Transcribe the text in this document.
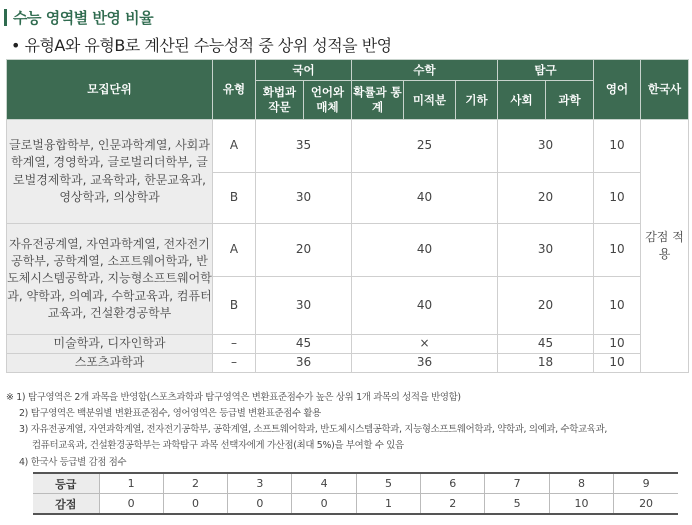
수능 영역별 반영 비율
• 유형A와 유형B로 계산된 수능성적 중 상위 성적을 반영
모집단위	유형	국어		수학			탐구		영어	한국사
		화법과 작문	언어와 매체	확률과 통계	미적분	기하	사회	과학		
글로벌융합학부, 인문과학계열, 사회과학계열, 경영학과, 글로벌리더학부, 글로벌경제학과, 교육학과, 한문교육과, 영상학과, 의상학과	A	35		25			30		10	감점 적용
	B	30		40			20		10	
자유전공계열, 자연과학계열, 전자전기공학부, 공학계열, 소프트웨어학과, 반도체시스템공학과, 지능형소프트웨어학과, 약학과, 의예과, 수학교육과, 컴퓨터교육과, 건설환경공학부	A	20		40			30		10	
	B	30		40			20		10	
미술학과, 디자인학과	–	45		×			45		10	
스포츠과학과	–	36		36			18		10	
※ 1) 탐구영역은 2개 과목을 반영함(스포츠과학과 탐구영역은 변환표준점수가 높은 상위 1개 과목의 성적을 반영함)
2) 탐구영역은 백분위별 변환표준점수, 영어영역은 등급별 변환표준점수 활용
3) 자유전공계열, 자연과학계열, 전자전기공학부, 공학계열, 소프트웨어학과, 반도체시스템공학과, 지능형소프트웨어학과, 약학과, 의예과, 수학교육과,
컴퓨터교육과, 건설환경공학부는 과학탐구 과목 선택자에게 가산점(최대 5%)을 부여할 수 있음
4) 한국사 등급별 감점 점수
등급	1	2	3	4	5	6	7	8	9
감점	0	0	0	0	1	2	5	10	20
